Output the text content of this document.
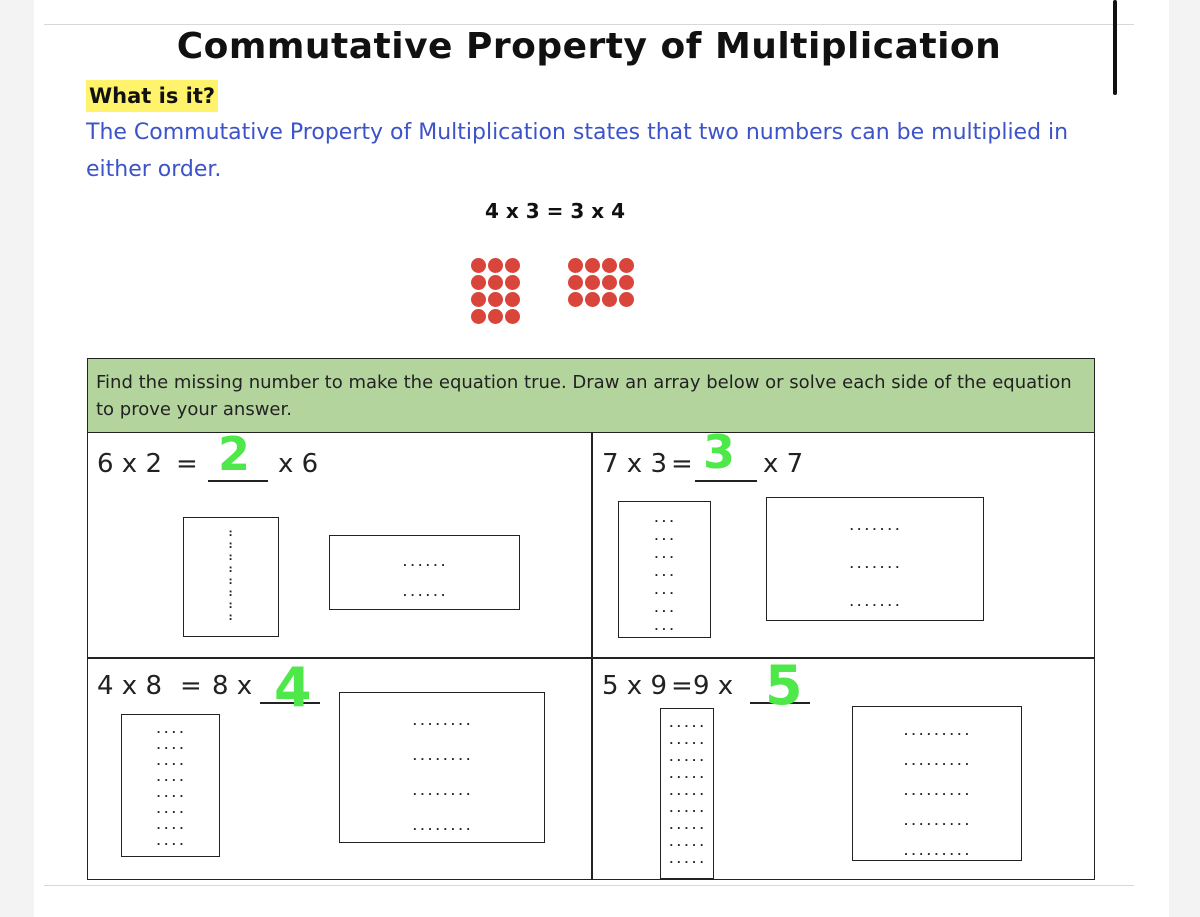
Commutative Property of Multiplication
What is it?
The Commutative Property of Multiplication states that two numbers can be multiplied in either order.
4 x 3 = 3 x 4
Find the missing number to make the equation true. Draw an array below or solve each side of the equation to prove your answer.
6 x 2 = 2 x 6
:
:
:
:
:
:
:
:
......
......
7 x 3 = 3 x 7
...
...
...
...
...
...
...
.......
.......
.......
4 x 8 = 8 x 4
....
....
....
....
....
....
....
....
........
........
........
........
5 x 9 = 9 x 5
.....
.....
.....
.....
.....
.....
.....
.....
.....
.........
.........
.........
.........
.........
